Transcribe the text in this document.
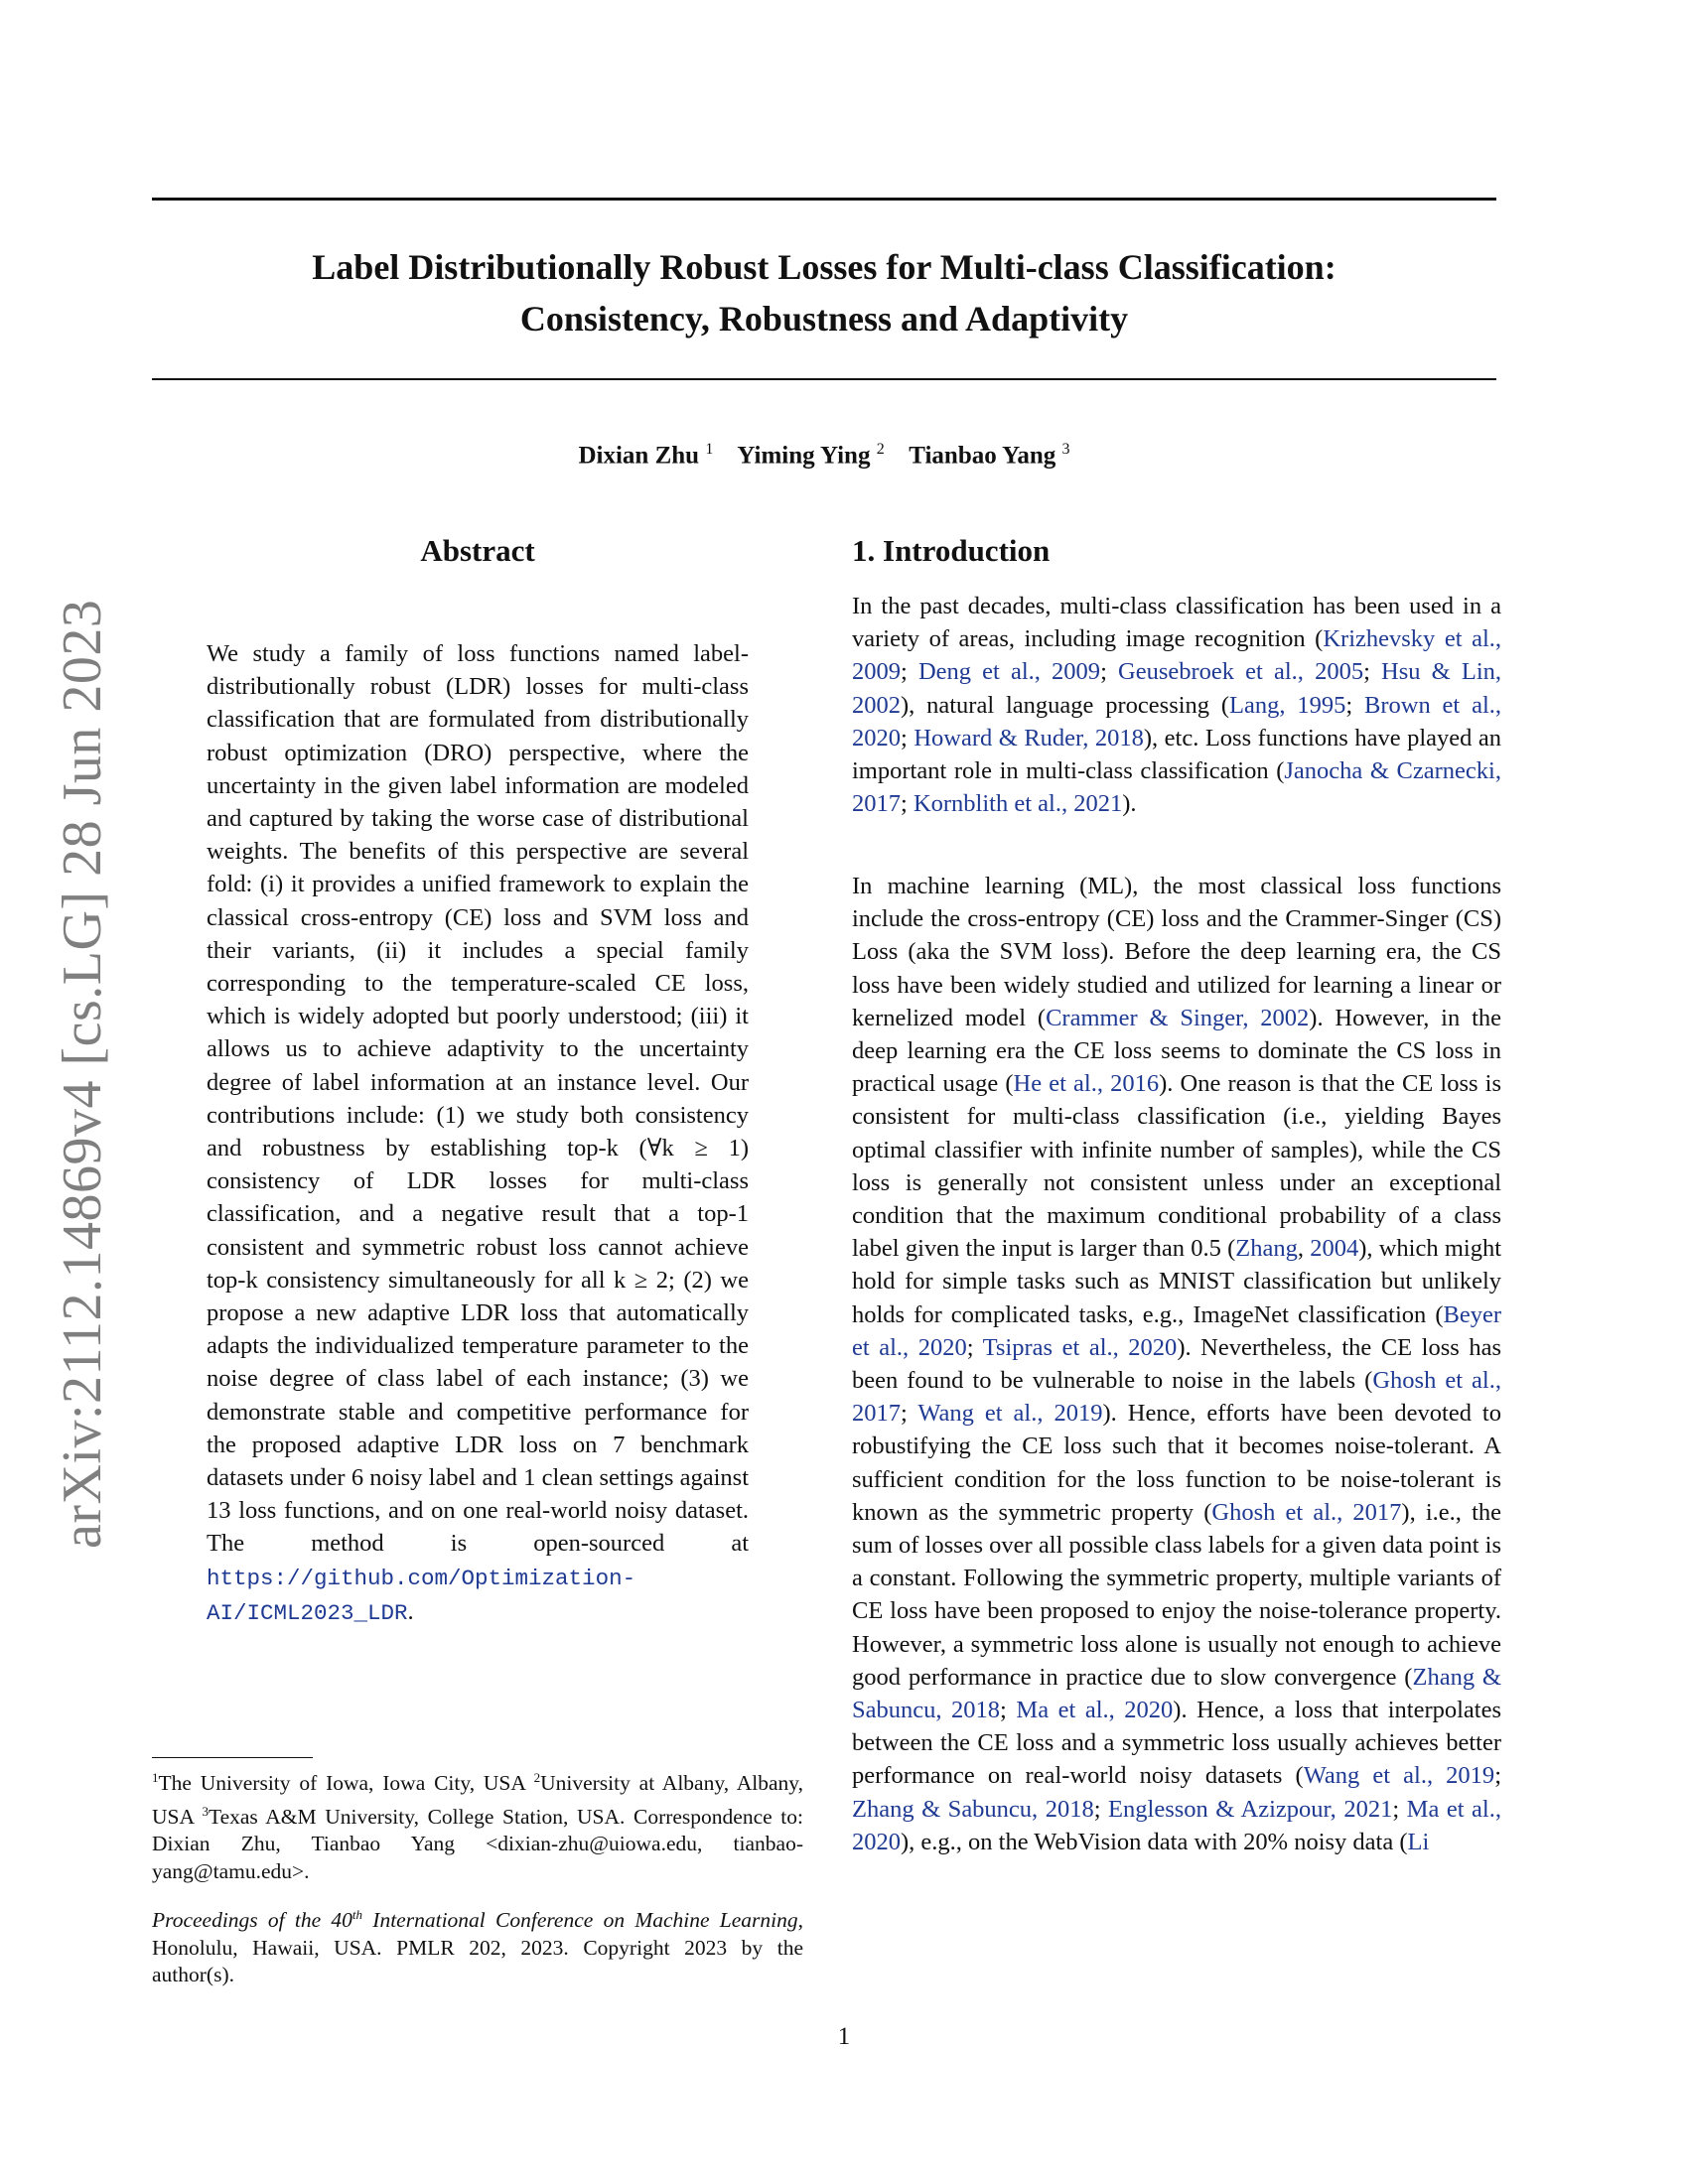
Label Distributionally Robust Losses for Multi-class Classification:
Consistency, Robustness and Adaptivity
Dixian Zhu $^1$ Yiming Ying $^2$ Tianbao Yang $^3$
arXiv:2112.14869v4 [cs.LG] 28 Jun 2023
Abstract
We study a family of loss functions named label-distributionally robust (LDR) losses for multi-class classification that are formulated from distributionally robust optimization (DRO) perspective, where the uncertainty in the given label information are modeled and captured by taking the worse case of distributional weights. The benefits of this perspective are several fold: (i) it provides a unified framework to explain the classical cross-entropy (CE) loss and SVM loss and their variants, (ii) it includes a special family corresponding to the temperature-scaled CE loss, which is widely adopted but poorly understood; (iii) it allows us to achieve adaptivity to the uncertainty degree of label information at an instance level. Our contributions include: (1) we study both consistency and robustness by establishing top-k (∀k ≥ 1) consistency of LDR losses for multi-class classification, and a negative result that a top-1 consistent and symmetric robust loss cannot achieve top-k consistency simultaneously for all k ≥ 2; (2) we propose a new adaptive LDR loss that automatically adapts the individualized temperature parameter to the noise degree of class label of each instance; (3) we demonstrate stable and competitive performance for the proposed adaptive LDR loss on 7 benchmark datasets under 6 noisy label and 1 clean settings against 13 loss functions, and on one real-world noisy dataset. The method is open-sourced at https://github.com/Optimization-AI/ICML2023_LDR.
1. Introduction
In the past decades, multi-class classification has been used in a variety of areas, including image recognition (Krizhevsky et al., 2009; Deng et al., 2009; Geusebroek et al., 2005; Hsu & Lin, 2002), natural language processing (Lang, 1995; Brown et al., 2020; Howard & Ruder, 2018), etc. Loss functions have played an important role in multi-class classification (Janocha & Czarnecki, 2017; Kornblith et al., 2021).
In machine learning (ML), the most classical loss functions include the cross-entropy (CE) loss and the Crammer-Singer (CS) Loss (aka the SVM loss). Before the deep learning era, the CS loss have been widely studied and utilized for learning a linear or kernelized model (Crammer & Singer, 2002). However, in the deep learning era the CE loss seems to dominate the CS loss in practical usage (He et al., 2016). One reason is that the CE loss is consistent for multi-class classification (i.e., yielding Bayes optimal classifier with infinite number of samples), while the CS loss is generally not consistent unless under an exceptional condition that the maximum conditional probability of a class label given the input is larger than 0.5 (Zhang, 2004), which might hold for simple tasks such as MNIST classification but unlikely holds for complicated tasks, e.g., ImageNet classification (Beyer et al., 2020; Tsipras et al., 2020). Nevertheless, the CE loss has been found to be vulnerable to noise in the labels (Ghosh et al., 2017; Wang et al., 2019). Hence, efforts have been devoted to robustifying the CE loss such that it becomes noise-tolerant. A sufficient condition for the loss function to be noise-tolerant is known as the symmetric property (Ghosh et al., 2017), i.e., the sum of losses over all possible class labels for a given data point is a constant. Following the symmetric property, multiple variants of CE loss have been proposed to enjoy the noise-tolerance property. However, a symmetric loss alone is usually not enough to achieve good performance in practice due to slow convergence (Zhang & Sabuncu, 2018; Ma et al., 2020). Hence, a loss that interpolates between the CE loss and a symmetric loss usually achieves better performance on real-world noisy datasets (Wang et al., 2019; Zhang & Sabuncu, 2018; Englesson & Azizpour, 2021; Ma et al., 2020), e.g., on the WebVision data with 20% noisy data (Li
$^1$The University of Iowa, Iowa City, USA $^2$University at Albany, Albany, USA $^3$Texas A&M University, College Station, USA. Correspondence to: Dixian Zhu, Tianbao Yang <dixian-zhu@uiowa.edu, tianbao-yang@tamu.edu>.
Proceedings of the 40th International Conference on Machine Learning, Honolulu, Hawaii, USA. PMLR 202, 2023. Copyright 2023 by the author(s).
1
